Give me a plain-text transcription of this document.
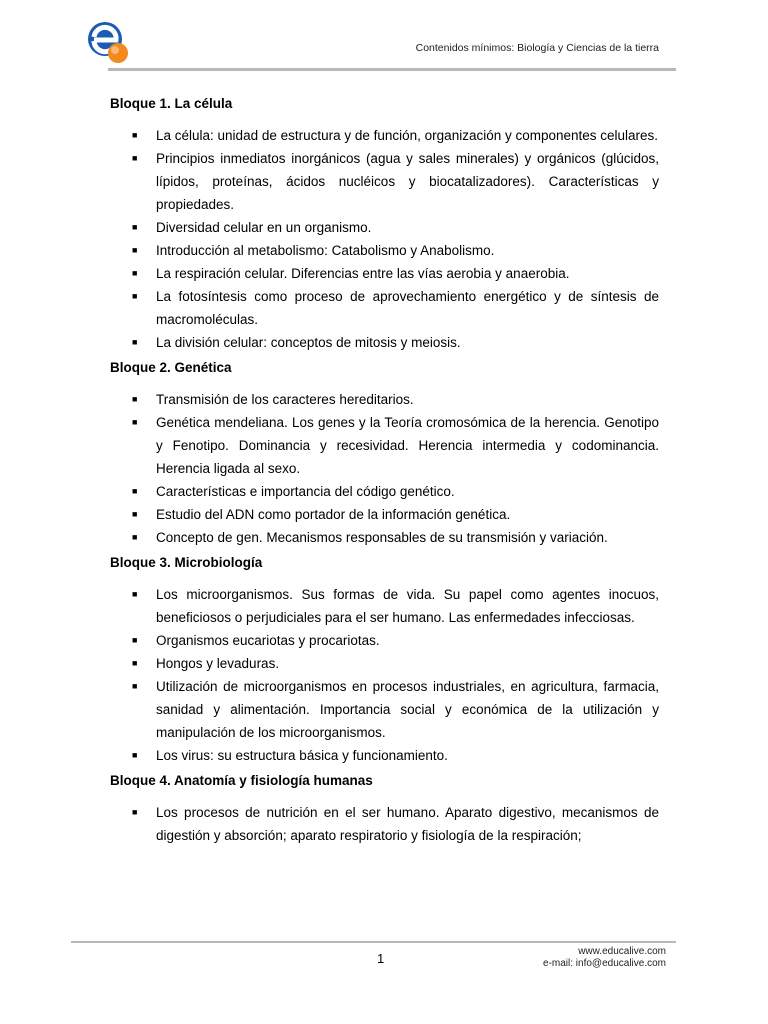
Contenidos mínimos: Biología y Ciencias de la tierra
Bloque 1. La célula
■ La célula: unidad de estructura y de función, organización y componentes celulares.
■ Principios inmediatos inorgánicos (agua y sales minerales) y orgánicos (glúcidos, lípidos, proteínas, ácidos nucléicos y biocatalizadores). Características y propiedades.
■ Diversidad celular en un organismo.
■ Introducción al metabolismo: Catabolismo y Anabolismo.
■ La respiración celular. Diferencias entre las vías aerobia y anaerobia.
■ La fotosíntesis como proceso de aprovechamiento energético y de síntesis de macromoléculas.
■ La división celular: conceptos de mitosis y meiosis.
Bloque 2. Genética
■ Transmisión de los caracteres hereditarios.
■ Genética mendeliana. Los genes y la Teoría cromosómica de la herencia. Genotipo y Fenotipo. Dominancia y recesividad. Herencia intermedia y codominancia. Herencia ligada al sexo.
■ Características e importancia del código genético.
■ Estudio del ADN como portador de la información genética.
■ Concepto de gen. Mecanismos responsables de su transmisión y variación.
Bloque 3. Microbiología
■ Los microorganismos. Sus formas de vida. Su papel como agentes inocuos, beneficiosos o perjudiciales para el ser humano. Las enfermedades infecciosas.
■ Organismos eucariotas y procariotas.
■ Hongos y levaduras.
■ Utilización de microorganismos en procesos industriales, en agricultura, farmacia, sanidad y alimentación. Importancia social y económica de la utilización y manipulación de los microorganismos.
■ Los virus: su estructura básica y funcionamiento.
Bloque 4. Anatomía y fisiología humanas
■ Los procesos de nutrición en el ser humano. Aparato digestivo, mecanismos de digestión y absorción; aparato respiratorio y fisiología de la respiración;
1	www.educalive.com
e-mail: info@educalive.com
